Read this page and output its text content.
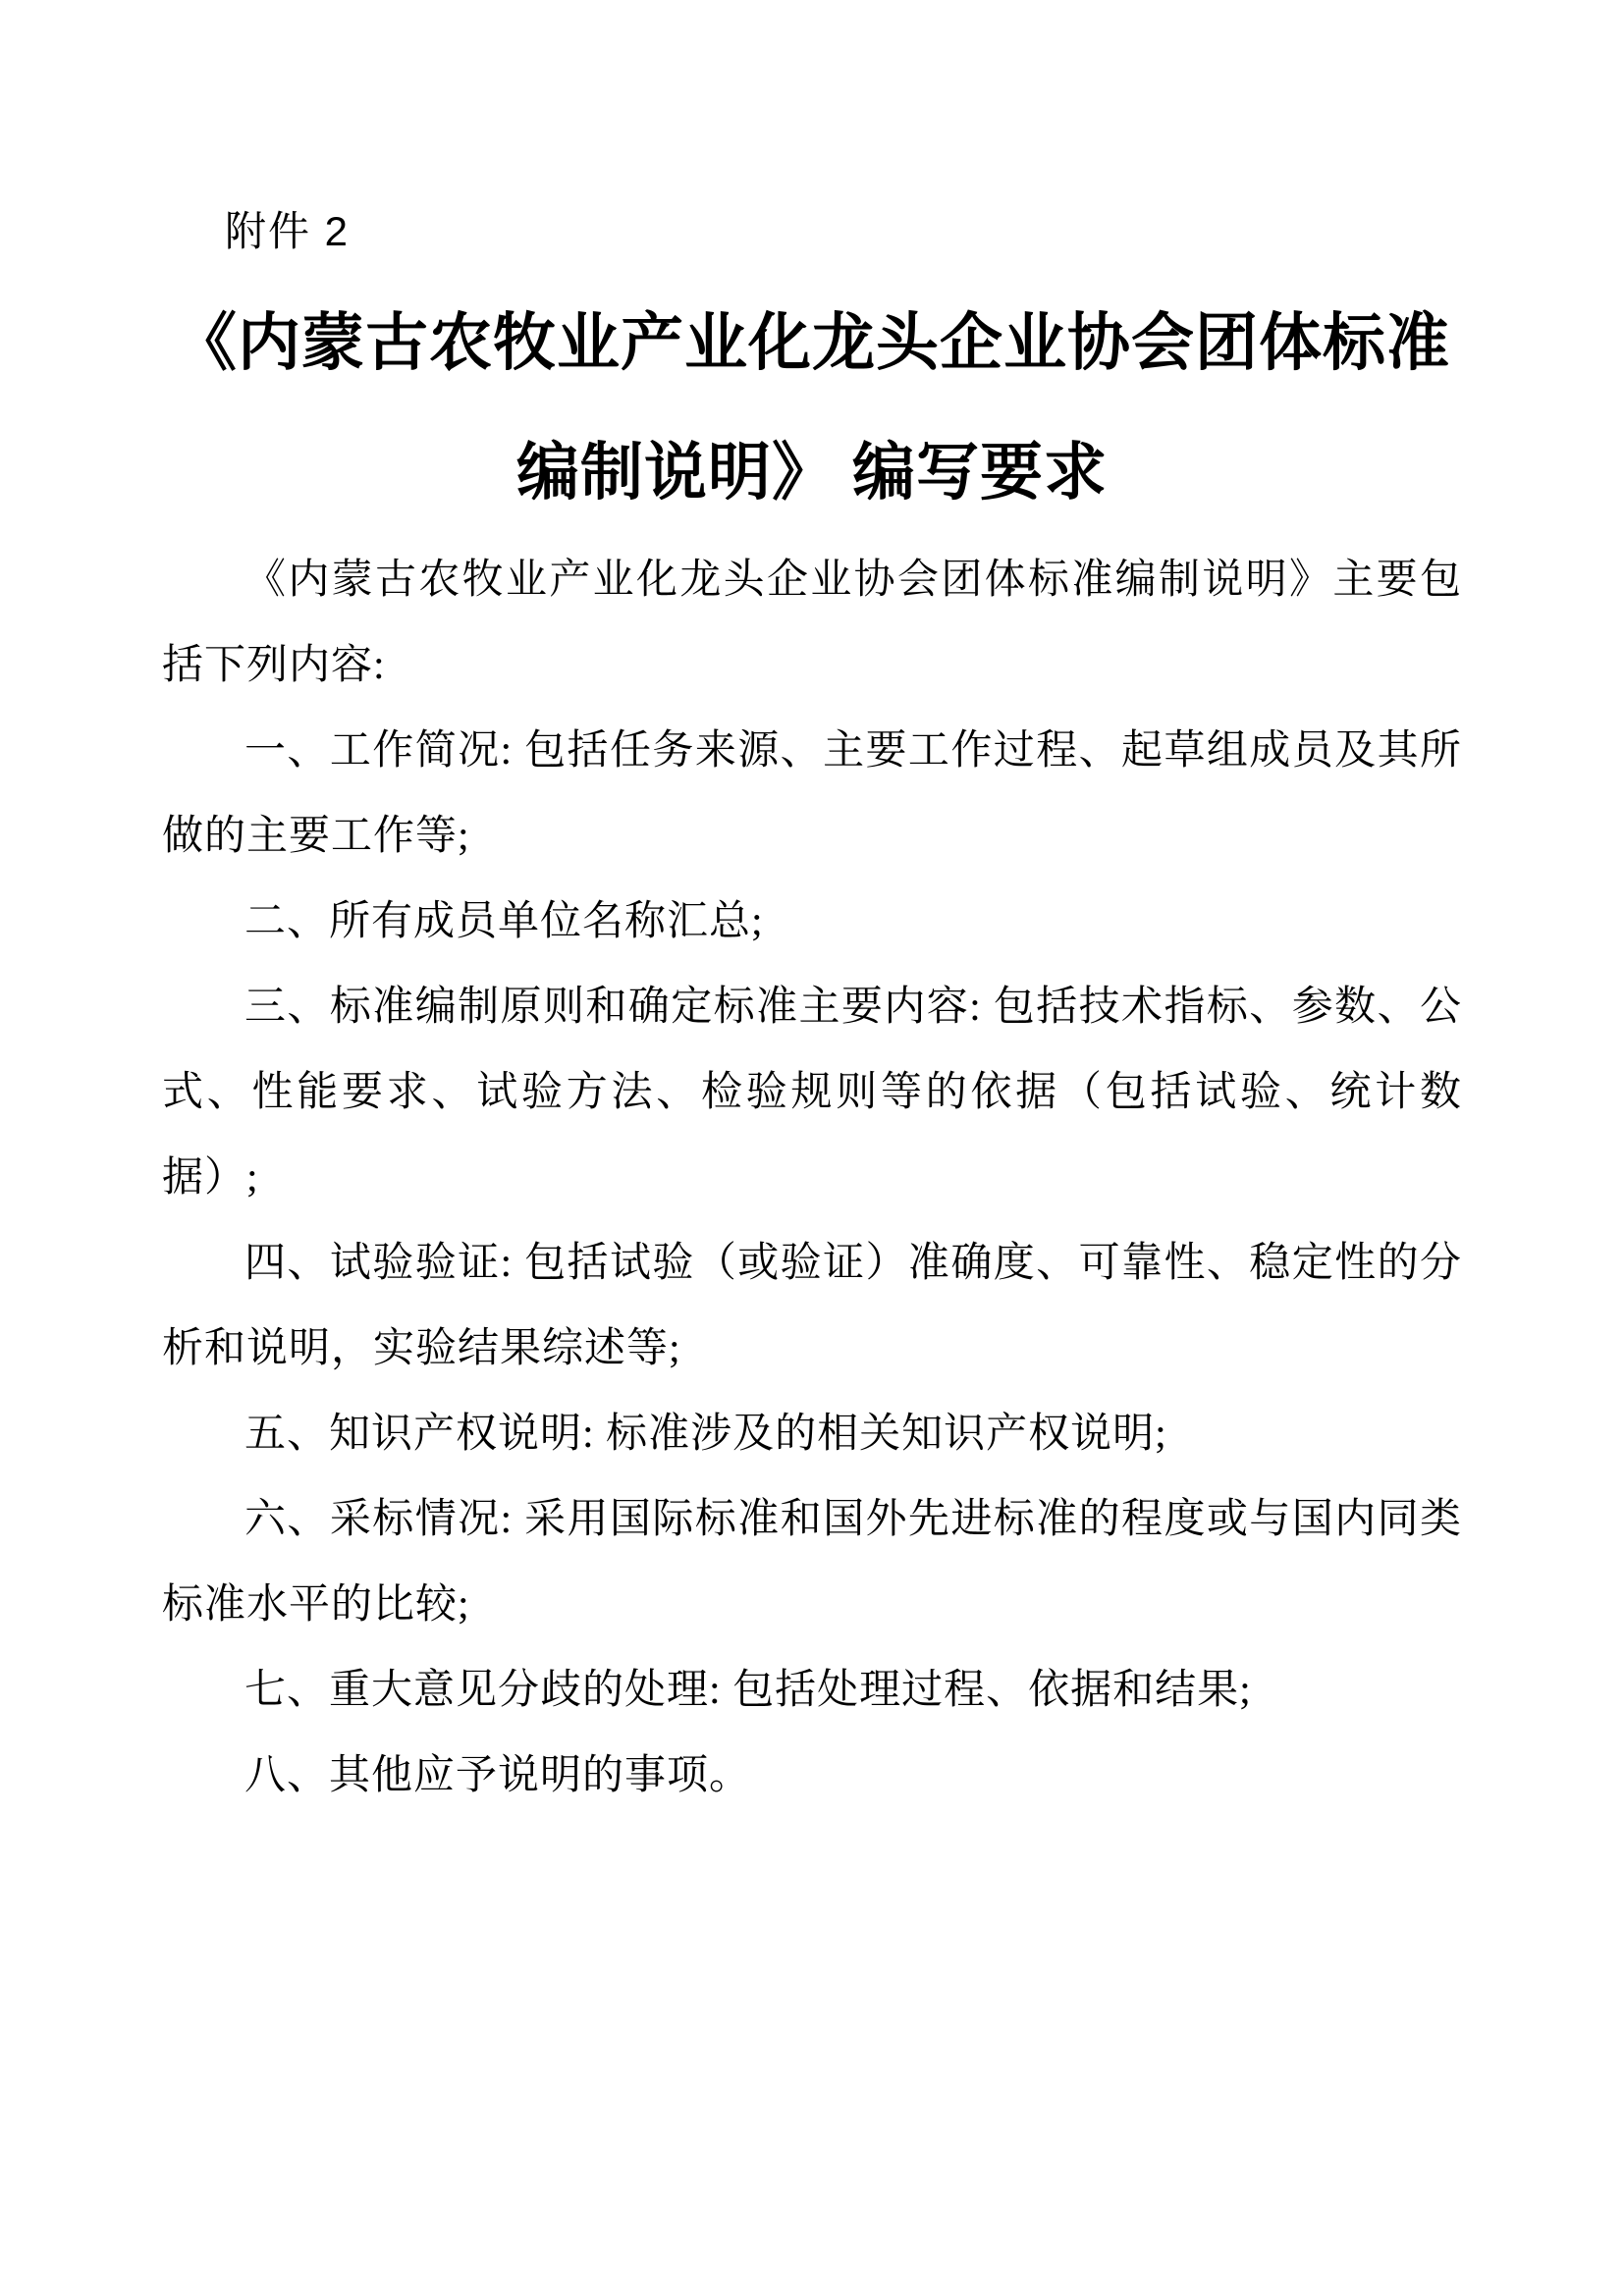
附件 2
《内蒙古农牧业产业化龙头企业协会团体标准
编制说明》 编写要求

《内蒙古农牧业产业化龙头企业协会团体标准编制说明》主要包括下列内容:

一、工作简况: 包括任务来源、主要工作过程、起草组成员及其所做的主要工作等;

二、所有成员单位名称汇总;

三、标准编制原则和确定标准主要内容: 包括技术指标、参数、公式、性能要求、试验方法、检验规则等的依据（包括试验、统计数据）;

四、试验验证: 包括试验（或验证）准确度、可靠性、稳定性的分析和说明，实验结果综述等;

五、知识产权说明: 标准涉及的相关知识产权说明;

六、采标情况: 采用国际标准和国外先进标准的程度或与国内同类标准水平的比较;

七、重大意见分歧的处理: 包括处理过程、依据和结果;

八、其他应予说明的事项。
